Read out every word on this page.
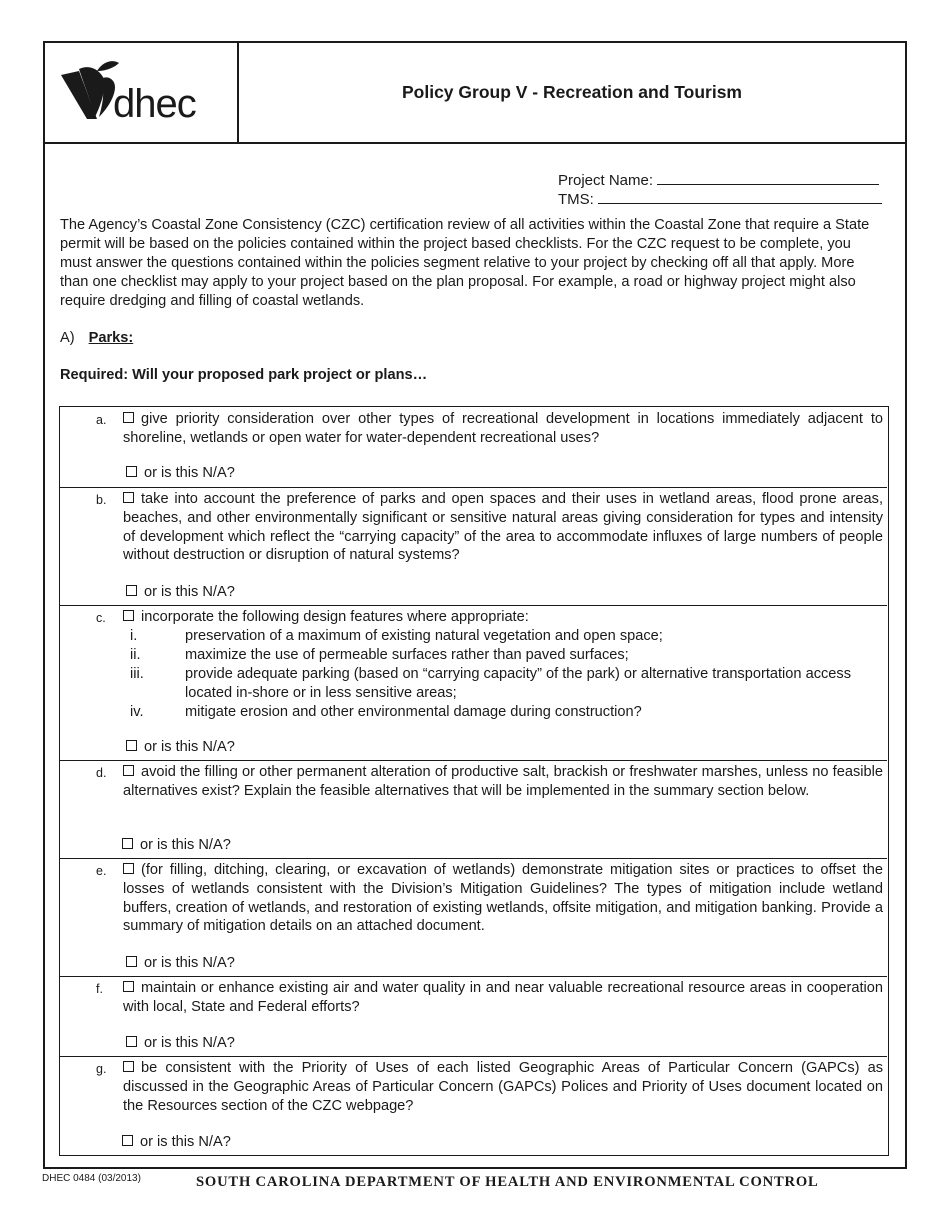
dhec	Policy Group V - Recreation and Tourism
Project Name:
TMS:

The Agency’s Coastal Zone Consistency (CZC) certification review of all activities within the Coastal Zone that require a State permit will be based on the policies contained within the project based checklists. For the CZC request to be complete, you must answer the questions contained within the policies segment relative to your project by checking off all that apply. More than one checklist may apply to your project based on the plan proposal. For example, a road or highway project might also require dredging and filling of coastal wetlands.

A) Parks:
Required: Will your proposed park project or plans…
a.	give priority consideration over other types of recreational development in locations immediately adjacent to shoreline, wetlands or open water for water-dependent recreational uses?

or is this N/A?
b.	take into account the preference of parks and open spaces and their uses in wetland areas, flood prone areas, beaches, and other environmentally significant or sensitive natural areas giving consideration for types and intensity of development which reflect the “carrying capacity” of the area to accommodate influxes of large numbers of people without destruction or disruption of natural systems?

or is this N/A?
c.	incorporate the following design features where appropriate:

i.	preservation of a maximum of existing natural vegetation and open space;
ii.	maximize the use of permeable surfaces rather than paved surfaces;
iii.	provide adequate parking (based on “carrying capacity” of the park) or alternative transportation access located in-shore or in less sensitive areas;
iv.	mitigate erosion and other environmental damage during construction?
or is this N/A?
d.	avoid the filling or other permanent alteration of productive salt, brackish or freshwater marshes, unless no feasible alternatives exist? Explain the feasible alternatives that will be implemented in the summary section below.

or is this N/A?
e.	(for filling, ditching, clearing, or excavation of wetlands) demonstrate mitigation sites or practices to offset the losses of wetlands consistent with the Division’s Mitigation Guidelines? The types of mitigation include wetland buffers, creation of wetlands, and restoration of existing wetlands, offsite mitigation, and mitigation banking. Provide a summary of mitigation details on an attached document.

or is this N/A?
f.	maintain or enhance existing air and water quality in and near valuable recreational resource areas in cooperation with local, State and Federal efforts?

or is this N/A?
g.	be consistent with the Priority of Uses of each listed Geographic Areas of Particular Concern (GAPCs) as discussed in the Geographic Areas of Particular Concern (GAPCs) Polices and Priority of Uses document located on the Resources section of the CZC webpage?

or is this N/A?
DHEC 0484 (03/2013)	SOUTH CAROLINA DEPARTMENT OF HEALTH AND ENVIRONMENTAL CONTROL
